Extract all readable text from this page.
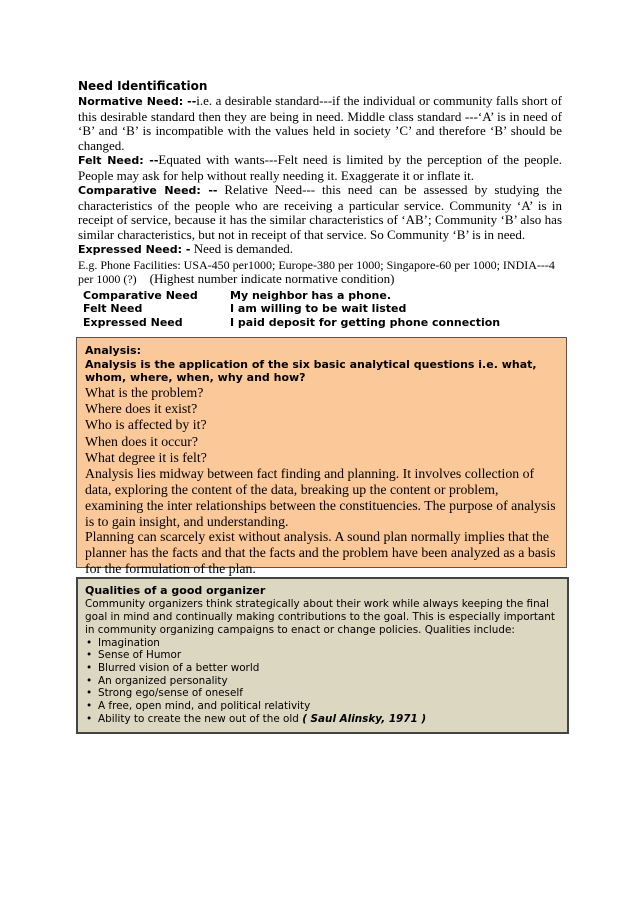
Need Identification

Normative Need: --i.e. a desirable standard---if the individual or community falls short of this desirable standard then they are being in need. Middle class standard ---‘A’ is in need of ‘B’ and ‘B’ is incompatible with the values held in society ’C’ and therefore ‘B’ should be changed.

Felt Need: --Equated with wants---Felt need is limited by the perception of the people. People may ask for help without really needing it. Exaggerate it or inflate it.

Comparative Need: -- Relative Need--- this need can be assessed by studying the characteristics of the people who are receiving a particular service. Community ‘A’ is in receipt of service, because it has the similar characteristics of ‘AB’; Community ‘B’ also has similar characteristics, but not in receipt of that service. So Community ‘B’ is in need.

Expressed Need: - Need is demanded.

E.g. Phone Facilities: USA-450 per1000; Europe-380 per 1000; Singapore-60 per 1000; INDIA---4 per 1000 (?)    (Highest number indicate normative condition)

Comparative Need	My neighbor has a phone.
Felt Need	I am willing to be wait listed
Expressed Need	I paid deposit for getting phone connection

Analysis:

Analysis is the application of the six basic analytical questions i.e. what, whom, where, when, why and how?

What is the problem?

Where does it exist?

Who is affected by it?

When does it occur?

What degree it is felt?

Analysis lies midway between fact finding and planning. It involves collection of data, exploring the content of the data, breaking up the content or problem, examining the inter relationships between the constituencies. The purpose of analysis is to gain insight, and understanding.

Planning can scarcely exist without analysis. A sound plan normally implies that the planner has the facts and that the facts and the problem have been analyzed as a basis for the formulation of the plan.

Qualities of a good organizer

Community organizers think strategically about their work while always keeping the final goal in mind and continually making contributions to the goal. This is especially important in community organizing campaigns to enact or change policies. Qualities include:

• Imagination
• Sense of Humor
• Blurred vision of a better world
• An organized personality
• Strong ego/sense of oneself
• A free, open mind, and political relativity
• Ability to create the new out of the old ( Saul Alinsky, 1971 )
